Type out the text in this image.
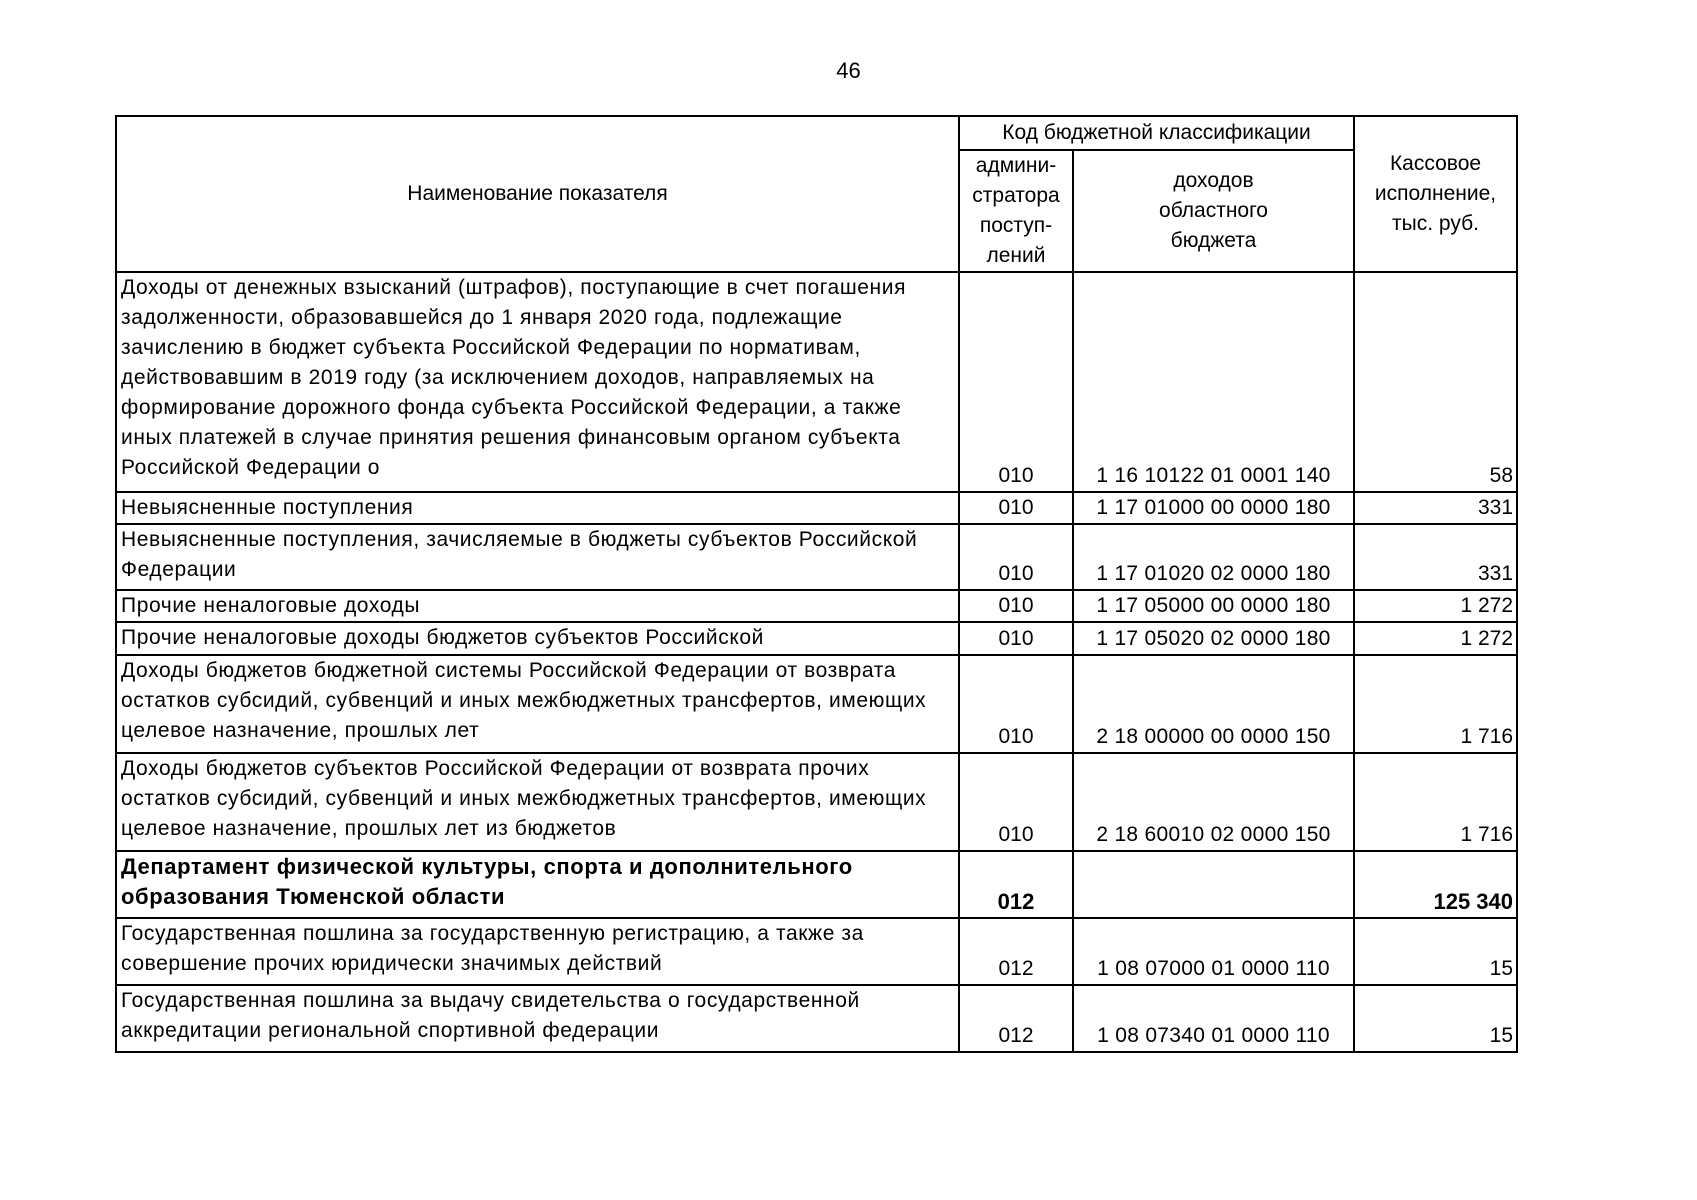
46
Наименование показателя	Код бюджетной классификации		Кассовое
исполнение,
тыс. руб.
	админи-
стратора
поступ-
лений	доходов
областного
бюджета	
Доходы от денежных взысканий (штрафов), поступающие в счет погашения задолженности, образовавшейся до 1 января 2020 года, подлежащие зачислению в бюджет субъекта Российской Федерации по нормативам, действовавшим в 2019 году (за исключением доходов, направляемых на формирование дорожного фонда субъекта Российской Федерации, а также иных платежей в случае принятия решения финансовым органом субъекта Российской Федерации о	010	1 16 10122 01 0001 140	58
Невыясненные поступления	010	1 17 01000 00 0000 180	331
Невыясненные поступления, зачисляемые в бюджеты субъектов Российской Федерации	010	1 17 01020 02 0000 180	331
Прочие неналоговые доходы	010	1 17 05000 00 0000 180	1 272
Прочие неналоговые доходы бюджетов субъектов Российской	010	1 17 05020 02 0000 180	1 272
Доходы бюджетов бюджетной системы Российской Федерации от возврата остатков субсидий, субвенций и иных межбюджетных трансфертов, имеющих целевое назначение, прошлых лет	010	2 18 00000 00 0000 150	1 716
Доходы бюджетов субъектов Российской Федерации от возврата прочих остатков субсидий, субвенций и иных межбюджетных трансфертов, имеющих целевое назначение, прошлых лет из бюджетов	010	2 18 60010 02 0000 150	1 716
Департамент физической культуры, спорта и дополнительного образования Тюменской области	012		125 340
Государственная пошлина за государственную регистрацию, а также за совершение прочих юридически значимых действий	012	1 08 07000 01 0000 110	15
Государственная пошлина за выдачу свидетельства о государственной аккредитации региональной спортивной федерации	012	1 08 07340 01 0000 110	15
